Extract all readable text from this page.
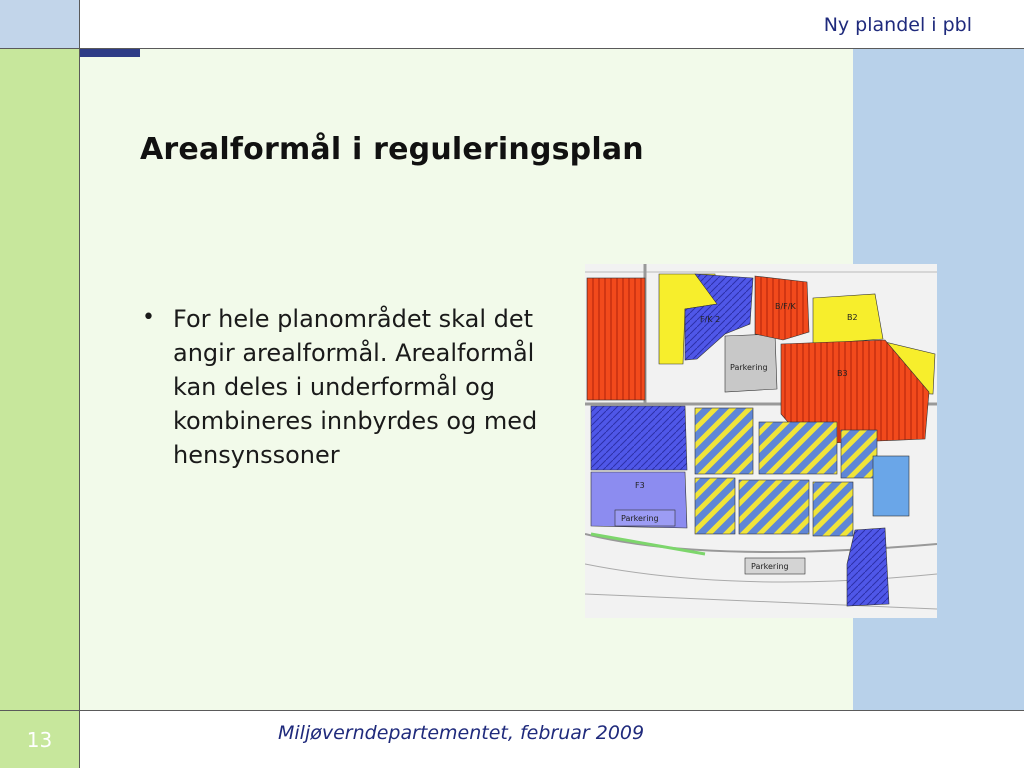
Ny plandel i pbl
Arealformål i reguleringsplan
• For hele planområdet skal det angir arealformål. Arealformål kan deles i underformål og kombineres innbyrdes og med hensynssoner
F/K 2
Parkering
B/F/K
B2
B3
F3
Parkering
Parkering
13	Miljøverndepartementet, februar 2009
